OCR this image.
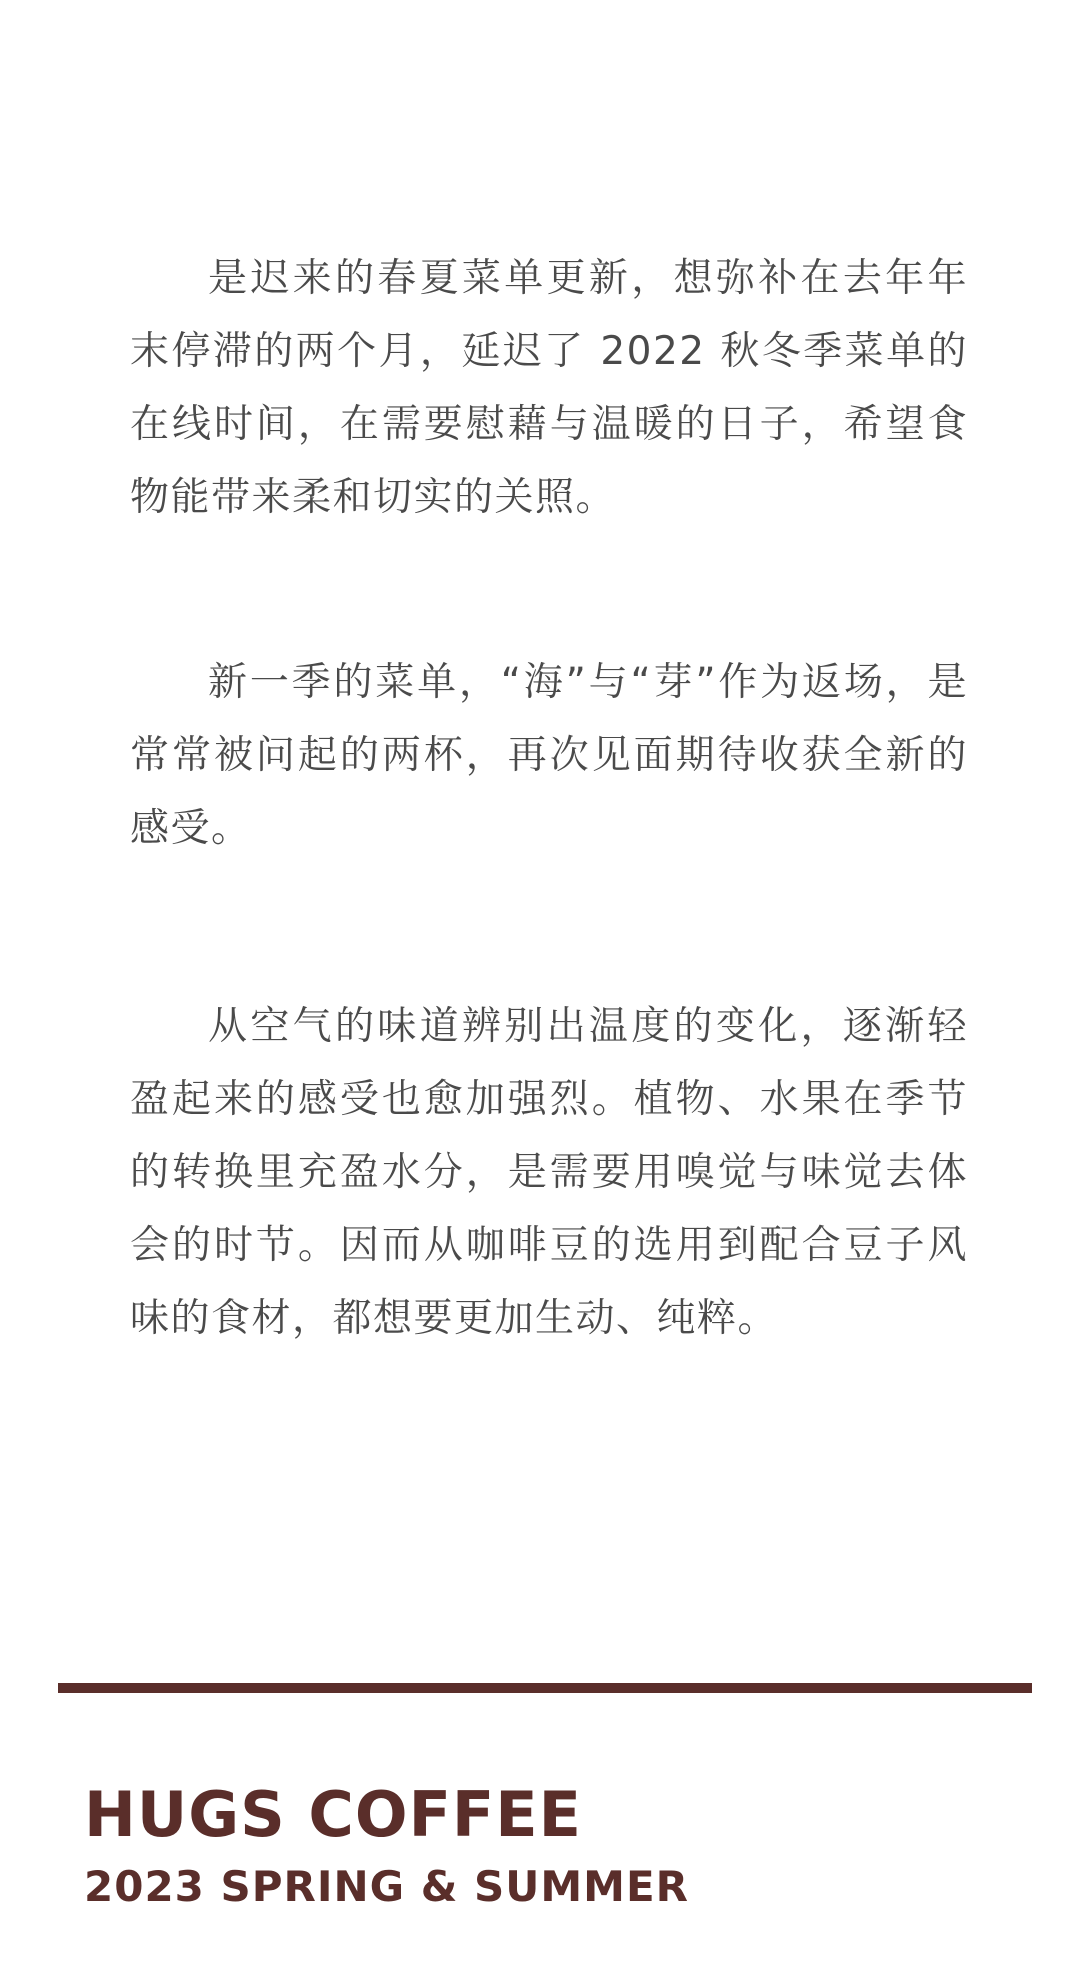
是迟来的春夏菜单更新，想弥补在去年年末停滞的两个月，延迟了 2022 秋冬季菜单的在线时间，在需要慰藉与温暖的日子，希望食物能带来柔和切实的关照。

新一季的菜单，“海”与“芽”作为返场，是常常被问起的两杯，再次见面期待收获全新的感受。

从空气的味道辨别出温度的变化，逐渐轻盈起来的感受也愈加强烈。植物、水果在季节的转换里充盈水分，是需要用嗅觉与味觉去体会的时节。因而从咖啡豆的选用到配合豆子风味的食材，都想要更加生动、纯粹。

HUGS COFFEE
2023 SPRING & SUMMER
